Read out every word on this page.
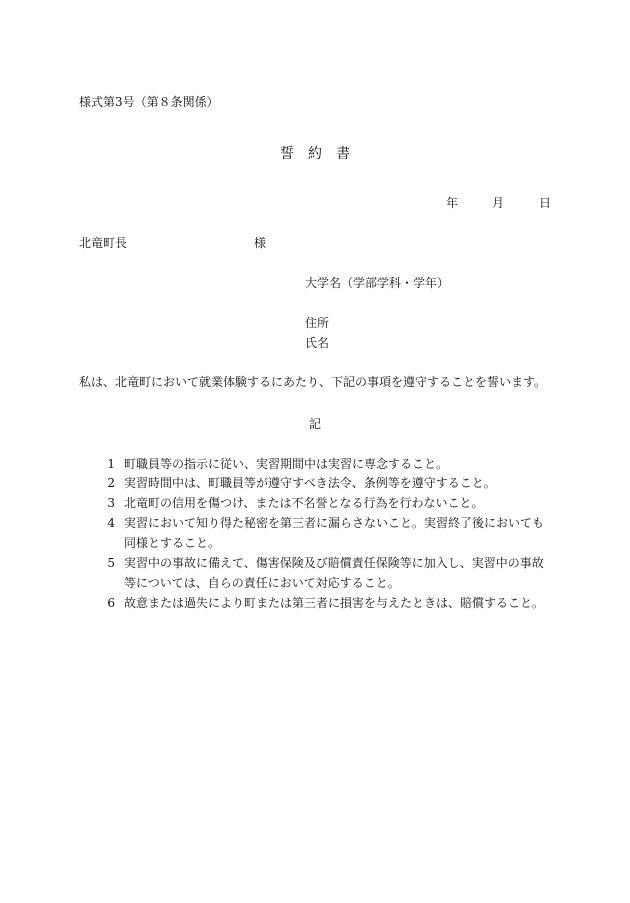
様式第3号（第８条関係）
誓  約  書
年	月	日
北竜町長	様
大学名（学部学科・学年）
住所
氏名
私は、北竜町において就業体験するにあたり、下記の事項を遵守することを誓います。
記
1 町職員等の指示に従い、実習期間中は実習に専念すること。
2 実習時間中は、町職員等が遵守すべき法令、条例等を遵守すること。
3 北竜町の信用を傷つけ、または不名誉となる行為を行わないこと。
4 実習において知り得た秘密を第三者に漏らさないこと。実習終了後においても
同様とすること。
5 実習中の事故に備えて、傷害保険及び賠償責任保険等に加入し、実習中の事故
等については、自らの責任において対応すること。
6 故意または過失により町または第三者に損害を与えたときは、賠償すること。
